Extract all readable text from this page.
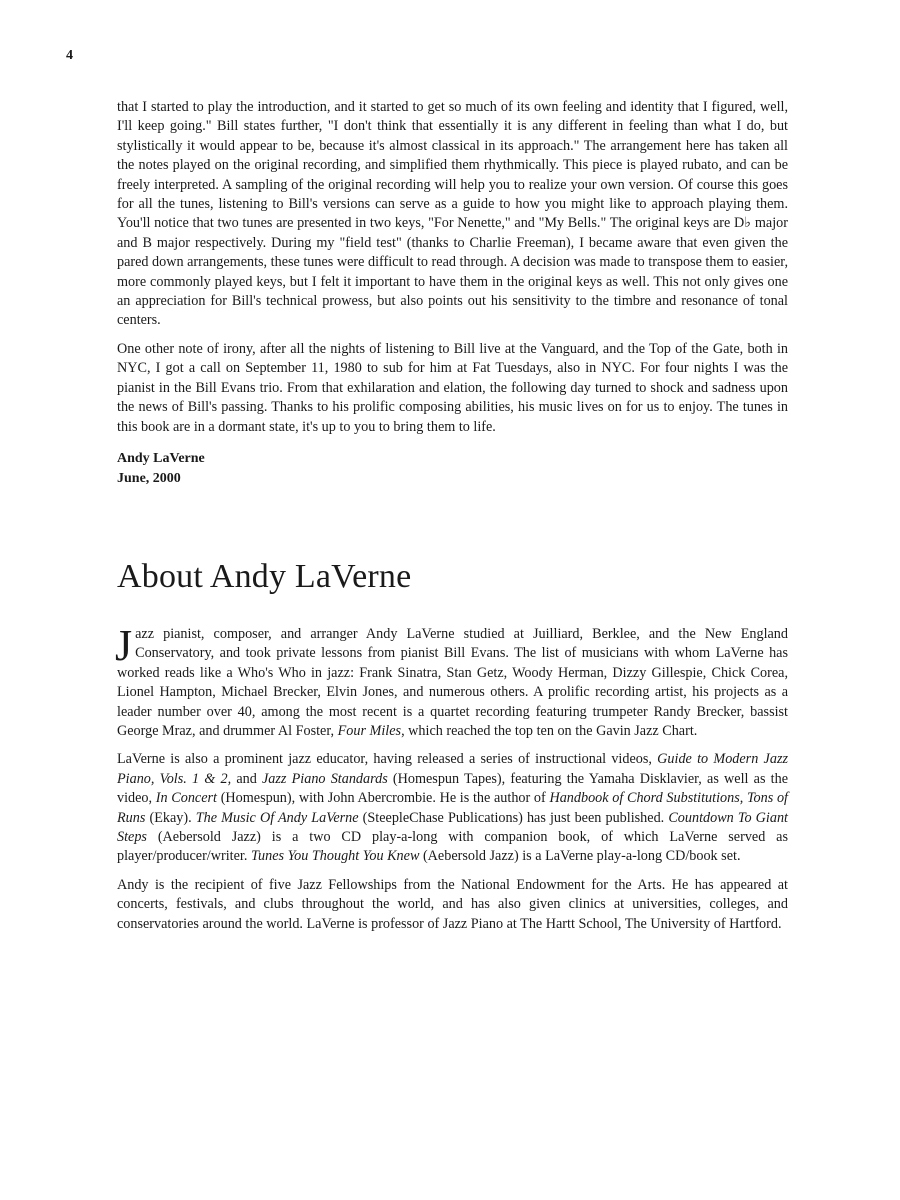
4

that I started to play the introduction, and it started to get so much of its own feeling and identity that I figured, well, I'll keep going." Bill states further, "I don't think that essentially it is any different in feeling than what I do, but stylistically it would appear to be, because it's almost classical in its approach." The arrangement here has taken all the notes played on the original recording, and simplified them rhythmically. This piece is played rubato, and can be freely interpreted. A sampling of the original recording will help you to realize your own version. Of course this goes for all the tunes, listening to Bill's versions can serve as a guide to how you might like to approach playing them. You'll notice that two tunes are presented in two keys, "For Nenette," and "My Bells." The original keys are D♭ major and B major respectively. During my "field test" (thanks to Charlie Freeman), I became aware that even given the pared down arrangements, these tunes were difficult to read through. A decision was made to transpose them to easier, more commonly played keys, but I felt it important to have them in the original keys as well. This not only gives one an appreciation for Bill's technical prowess, but also points out his sensitivity to the timbre and resonance of tonal centers.

One other note of irony, after all the nights of listening to Bill live at the Vanguard, and the Top of the Gate, both in NYC, I got a call on September 11, 1980 to sub for him at Fat Tuesdays, also in NYC. For four nights I was the pianist in the Bill Evans trio. From that exhilaration and elation, the following day turned to shock and sadness upon the news of Bill's passing. Thanks to his prolific composing abilities, his music lives on for us to enjoy. The tunes in this book are in a dormant state, it's up to you to bring them to life.

Andy LaVerne
June, 2000
About Andy LaVerne

Jazz pianist, composer, and arranger Andy LaVerne studied at Juilliard, Berklee, and the New England Conservatory, and took private lessons from pianist Bill Evans. The list of musicians with whom LaVerne has worked reads like a Who's Who in jazz: Frank Sinatra, Stan Getz, Woody Herman, Dizzy Gillespie, Chick Corea, Lionel Hampton, Michael Brecker, Elvin Jones, and numerous others. A prolific recording artist, his projects as a leader number over 40, among the most recent is a quartet recording featuring trumpeter Randy Brecker, bassist George Mraz, and drummer Al Foster, Four Miles, which reached the top ten on the Gavin Jazz Chart.

LaVerne is also a prominent jazz educator, having released a series of instructional videos, Guide to Modern Jazz Piano, Vols. 1 & 2, and Jazz Piano Standards (Homespun Tapes), featuring the Yamaha Disklavier, as well as the video, In Concert (Homespun), with John Abercrombie. He is the author of Handbook of Chord Substitutions, Tons of Runs (Ekay). The Music Of Andy LaVerne (SteepleChase Publications) has just been published. Countdown To Giant Steps (Aebersold Jazz) is a two CD play-a-long with companion book, of which LaVerne served as player/producer/writer. Tunes You Thought You Knew (Aebersold Jazz) is a LaVerne play-a-long CD/book set.

Andy is the recipient of five Jazz Fellowships from the National Endowment for the Arts. He has appeared at concerts, festivals, and clubs throughout the world, and has also given clinics at universities, colleges, and conservatories around the world. LaVerne is professor of Jazz Piano at The Hartt School, The University of Hartford.
